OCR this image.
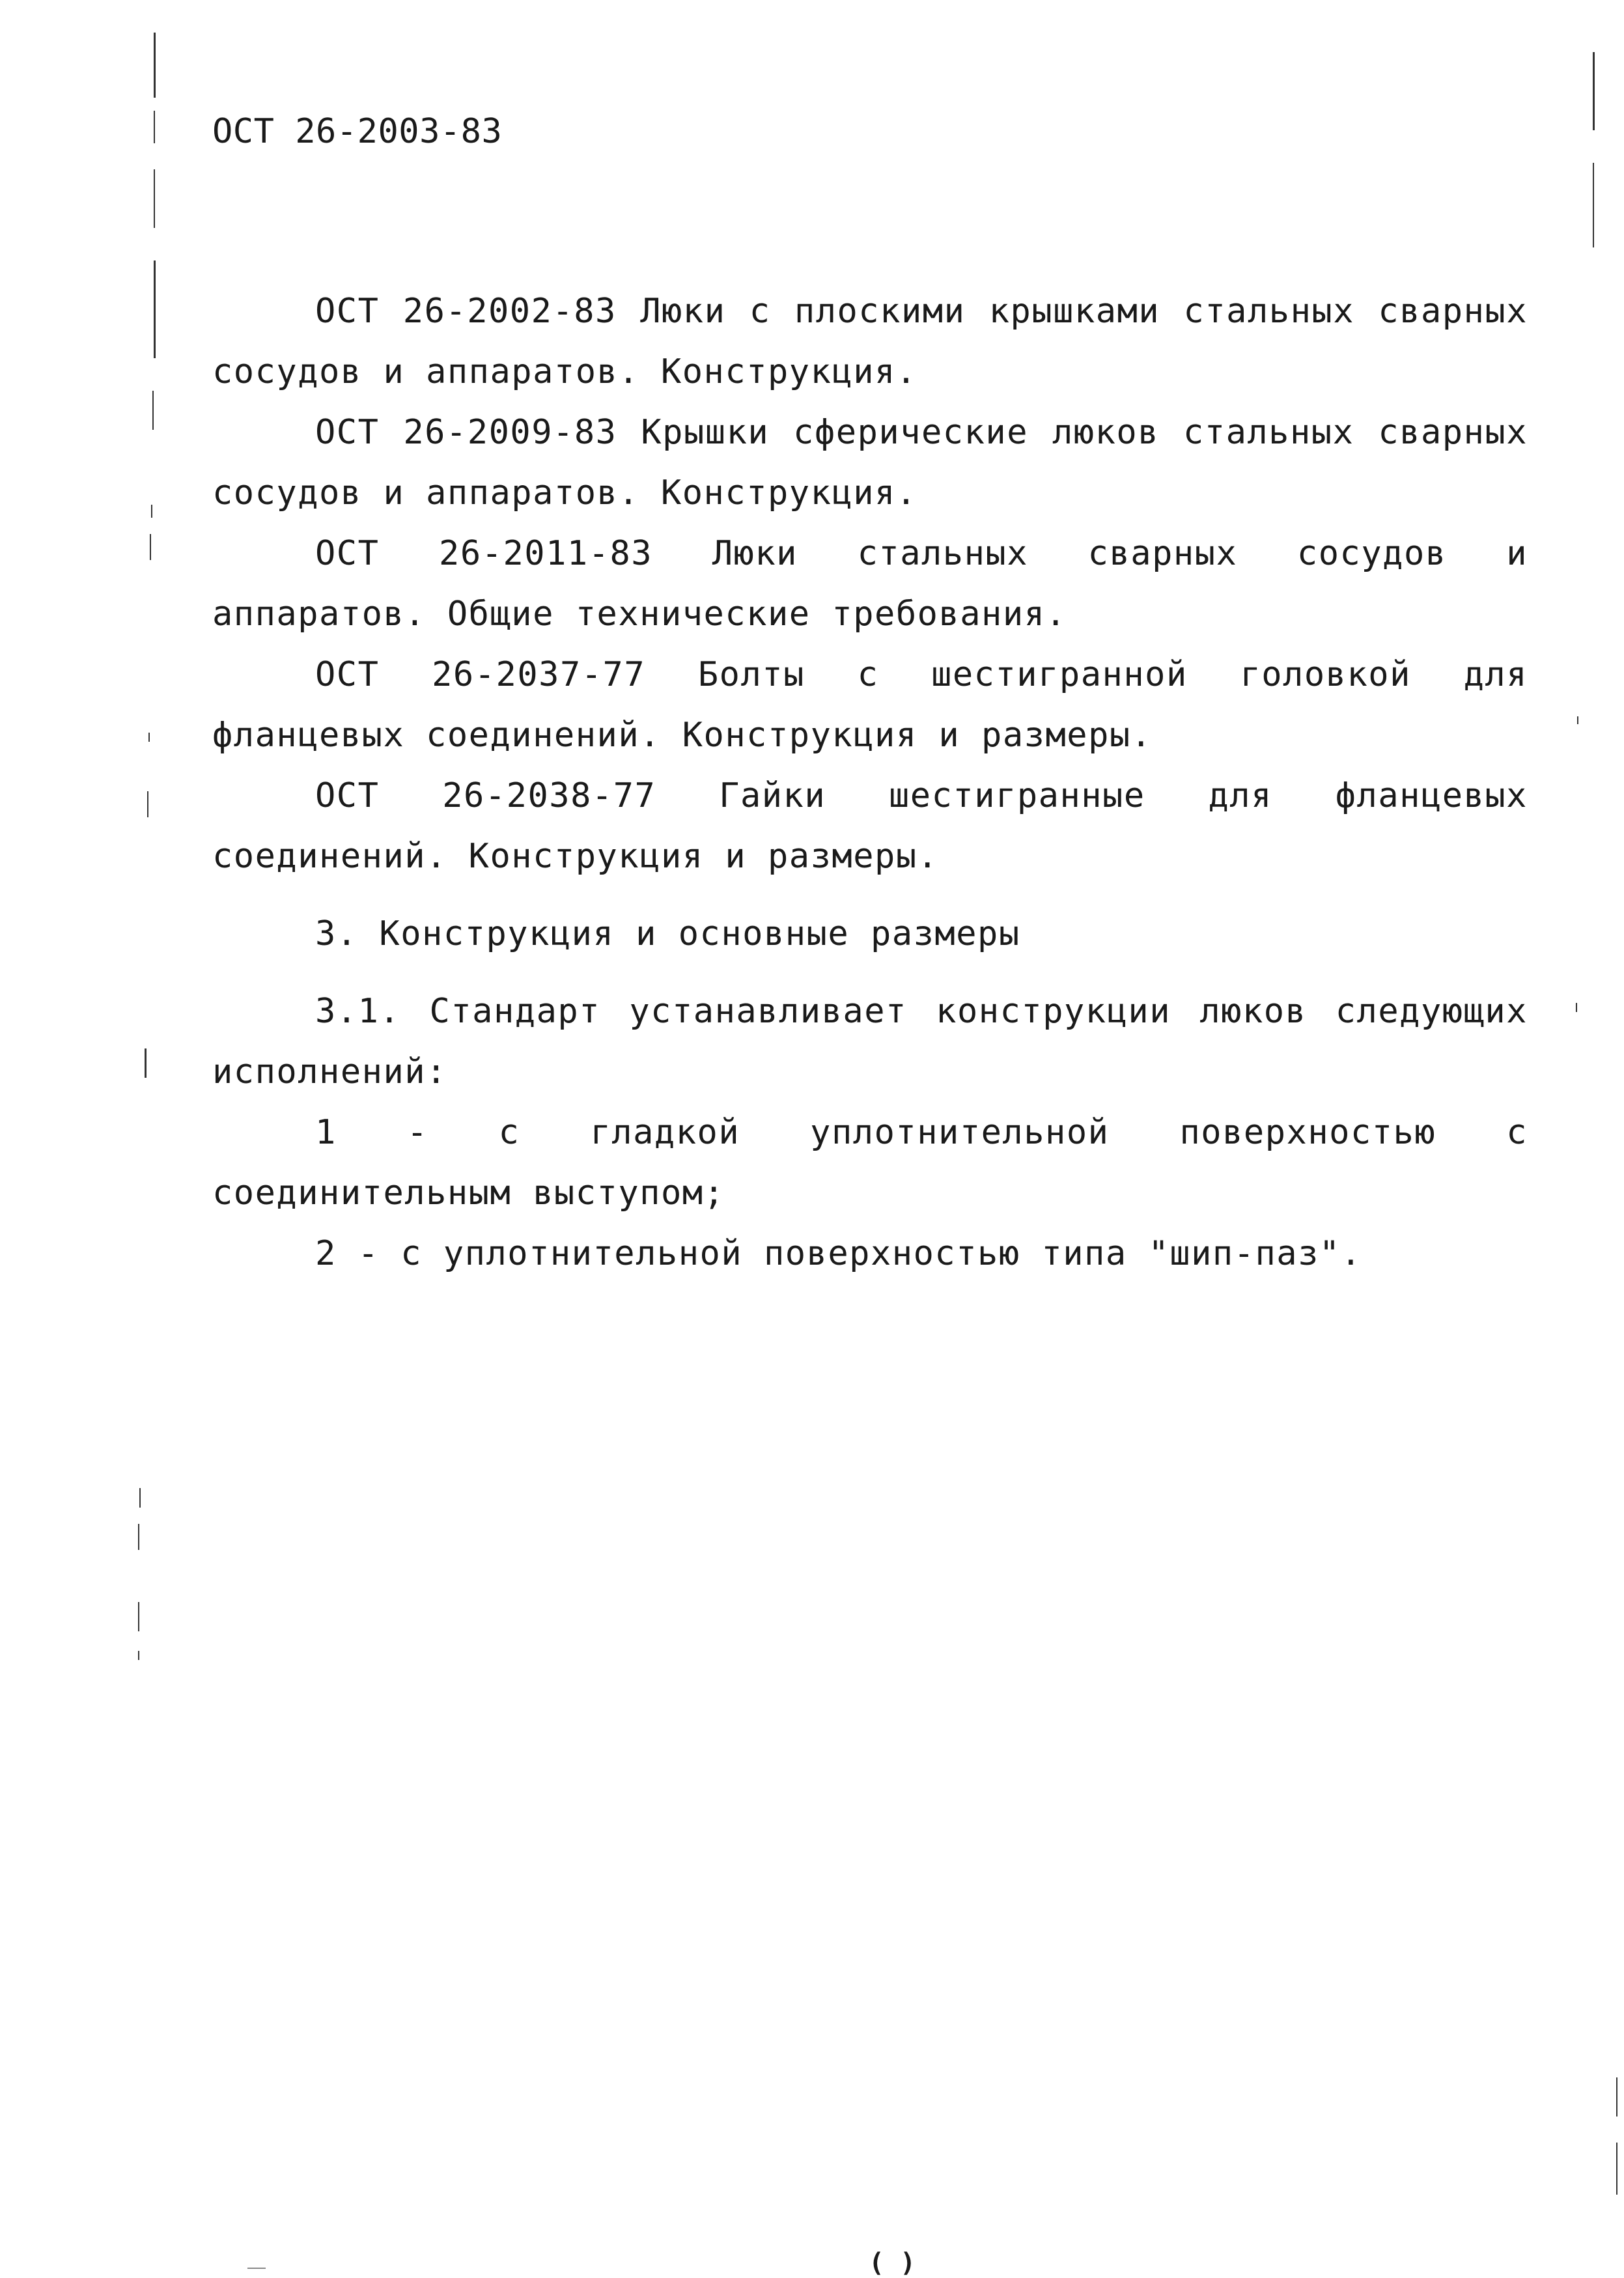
ОСТ 26-2003-83

ОСТ 26-2002-83 Люки с плоскими крышками стальных сварных сосудов и аппаратов. Конструкция.

ОСТ 26-2009-83 Крышки сферические люков стальных сварных сосудов и аппаратов. Конструкция.

ОСТ 26-2011-83 Люки стальных сварных сосудов и аппаратов. Общие технические требования.

ОСТ 26-2037-77 Болты с шестигранной головкой для фланцевых соединений. Конструкция и размеры.

ОСТ 26-2038-77 Гайки шестигранные для фланцевых соединений. Конструкция и размеры.

3. Конструкция и основные размеры

3.1. Стандарт устанавливает конструкции люков следующих исполнений:

1 - с гладкой уплотнительной поверхностью с соединительным выступом;

2 - с уплотнительной поверхностью типа "шип-паз".

( )
